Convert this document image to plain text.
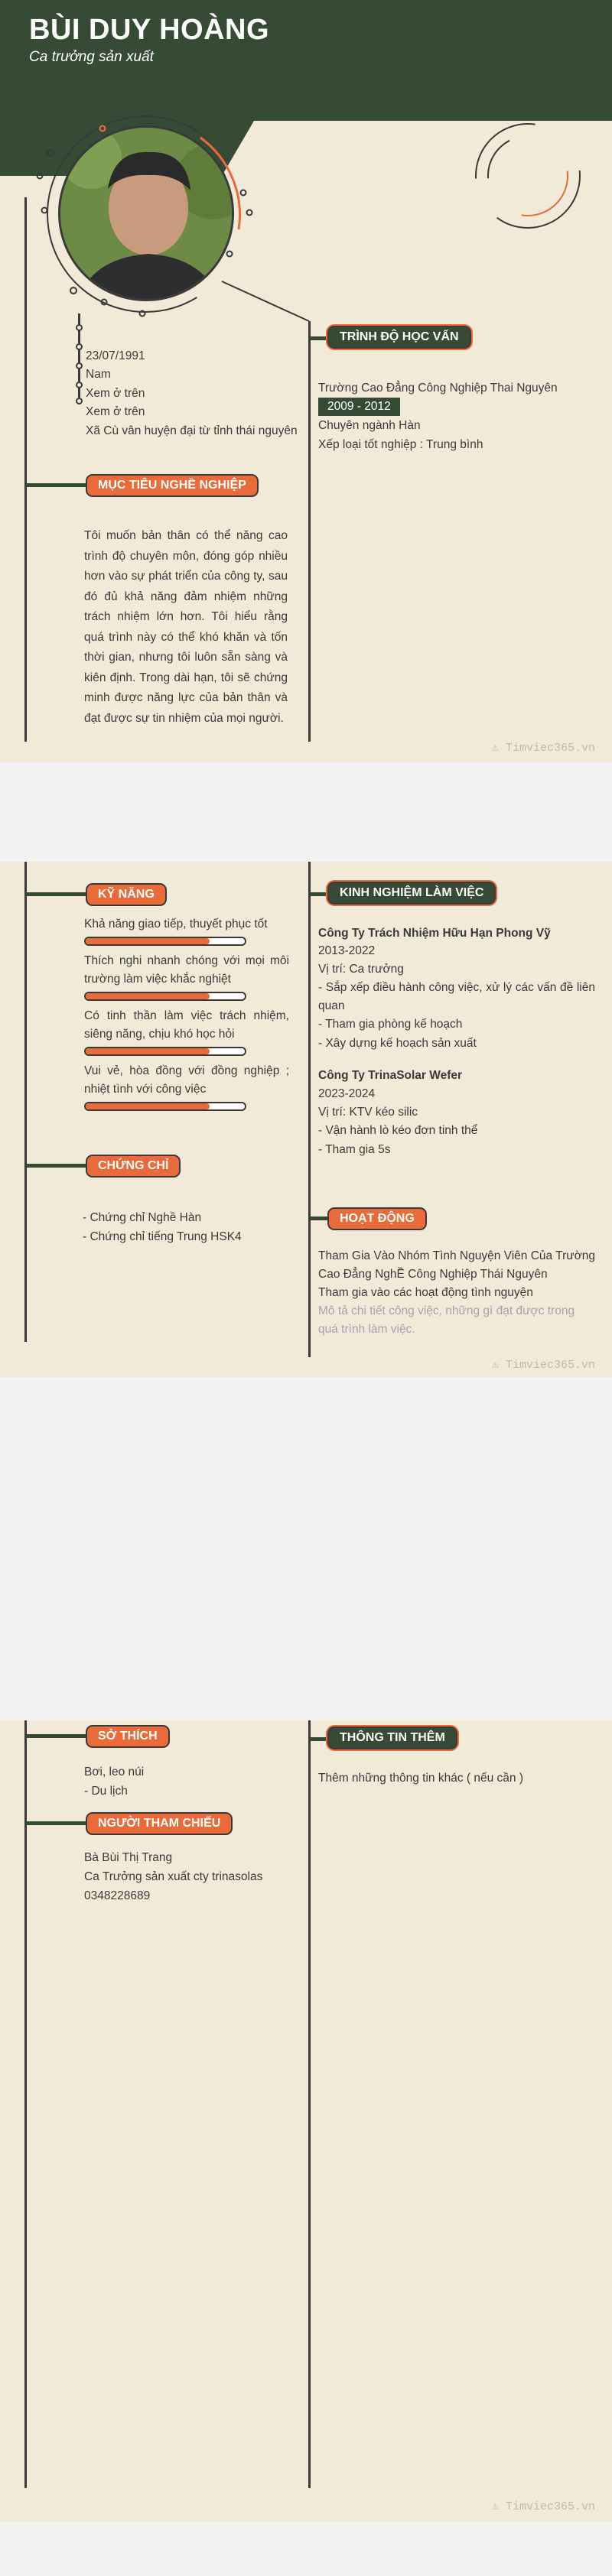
BÙI DUY HOÀNG
Ca trưởng sản xuất
23/07/1991
Nam
Xem ở trên
Xem ở trên
Xã Cù vân huyện đại từ tỉnh thái nguyên
MỤC TIÊU NGHỀ NGHIỆP
Tôi muốn bản thân có thể năng cao trình độ chuyên môn, đóng góp nhiều hơn vào sự phát triển của công ty, sau đó đủ khả năng đảm nhiệm những trách nhiệm lớn hơn. Tôi hiểu rằng quá trình này có thể khó khăn và tốn thời gian, nhưng tôi luôn sẵn sàng và kiên định. Trong dài hạn, tôi sẽ chứng minh được năng lực của bản thân và đạt được sự tin nhiệm của mọi người.
TRÌNH ĐỘ HỌC VẤN
Trường Cao Đẳng Công Nghiệp Thai Nguyên
2009 - 2012
Chuyên ngành Hàn
Xếp loại tốt nghiệp : Trung bình
⚠ Timviec365.vn
KỸ NĂNG
Khả năng giao tiếp, thuyết phục tốt
Thích nghi nhanh chóng với mọi môi trường làm việc khắc nghiệt
Có tinh thần làm việc trách nhiệm, siêng năng, chịu khó học hỏi
Vui vẻ, hòa đồng với đồng nghiệp ; nhiệt tình với công việc
CHỨNG CHỈ
- Chứng chỉ Nghề Hàn
- Chứng chỉ tiếng Trung HSK4
KINH NGHIỆM LÀM VIỆC
Công Ty Trách Nhiệm Hữu Hạn Phong Vỹ
2013-2022
Vị trí: Ca trưởng
- Sắp xếp điều hành công việc, xử lý các vấn đề liên quan
- Tham gia phòng kế hoạch
- Xây dựng kế hoạch sản xuất
Công Ty TrinaSolar Wefer
2023-2024
Vị trí: KTV kéo silic
- Vận hành lò kéo đơn tinh thể
- Tham gia 5s
HOẠT ĐỘNG
Tham Gia Vào Nhóm Tình Nguyện Viên Của Trường Cao Đẳng NghỀ Công Nghiệp Thái Nguyên
Tham gia vào các hoạt động tình nguyện
Mô tả chi tiết công việc, những gì đạt được trong quá trình làm việc.
⚠ Timviec365.vn
SỞ THÍCH
Bơi, leo núi
- Du lịch
NGƯỜI THAM CHIẾU
Bà Bùi Thị Trang
Ca Trưởng sản xuất cty trinasolas
0348228689
THÔNG TIN THÊM
Thêm những thông tin khác ( nếu cần )
⚠ Timviec365.vn
